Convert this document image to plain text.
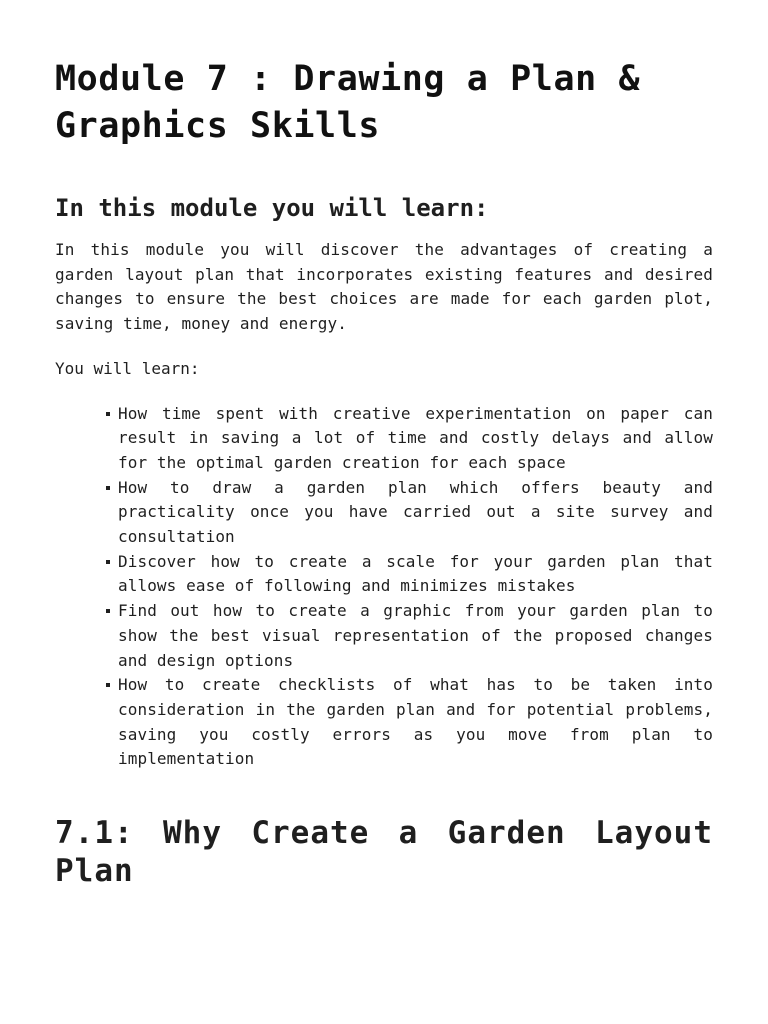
Module 7 : Drawing a Plan & Graphics Skills
In this module you will learn:

In this module you will discover the advantages of creating a garden layout plan that incorporates existing features and desired changes to ensure the best choices are made for each garden plot, saving time, money and energy.

You will learn:

How time spent with creative experimentation on paper can result in saving a lot of time and costly delays and allow for the optimal garden creation for each space
How to draw a garden plan which offers beauty and practicality once you have carried out a site survey and consultation
Discover how to create a scale for your garden plan that allows ease of following and minimizes mistakes
Find out how to create a graphic from your garden plan to show the best visual representation of the proposed changes and design options
How to create checklists of what has to be taken into consideration in the garden plan and for potential problems, saving you costly errors as you move from plan to implementation
7.1: Why Create a Garden Layout Plan
